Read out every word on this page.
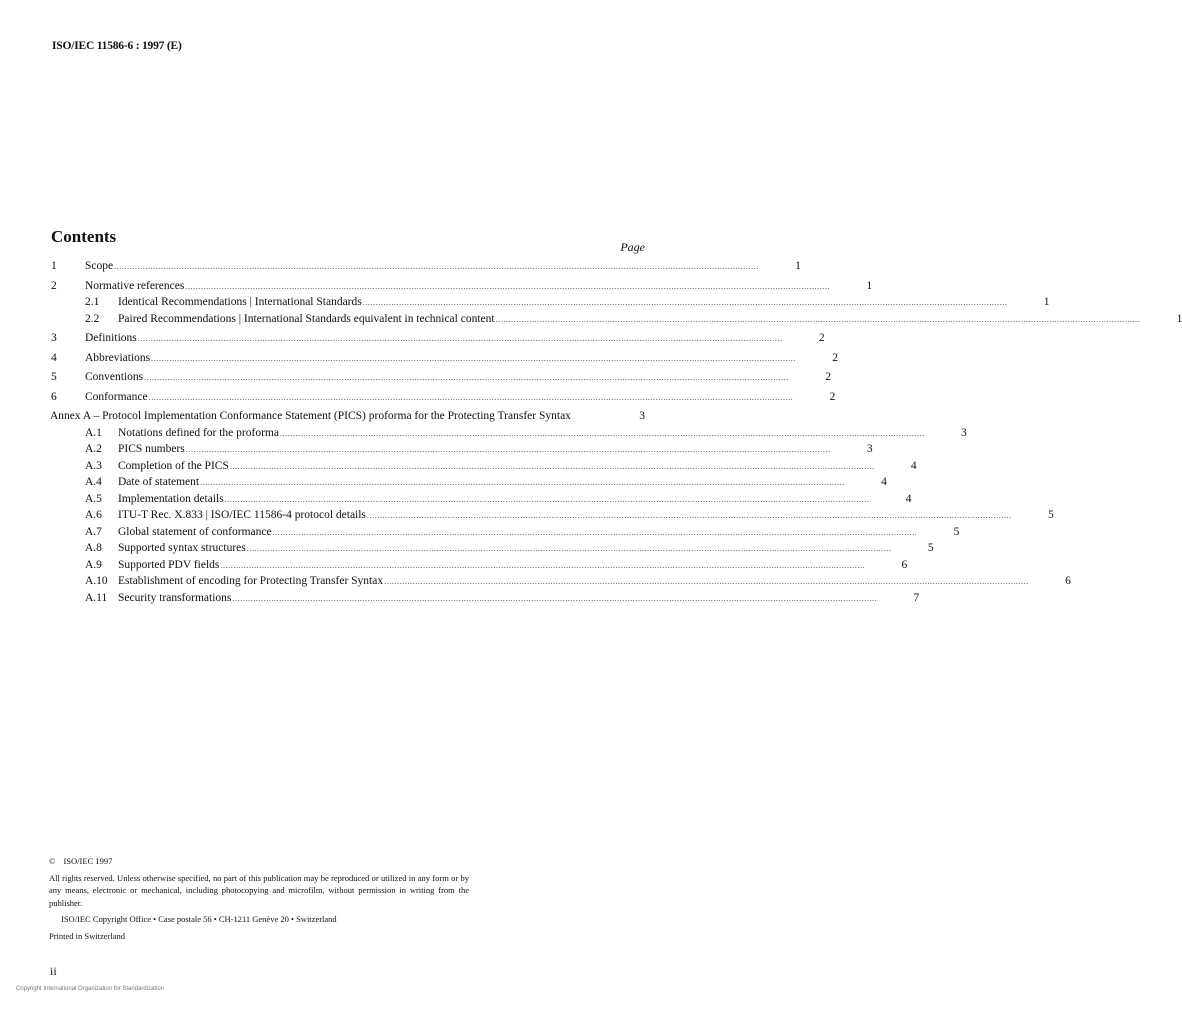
ISO/IEC 11586-6 : 1997 (E)
Contents
Page
1	Scope .....	1
2	Normative references .....	1
2.1	Identical Recommendations | International Standards .....	1
2.2	Paired Recommendations | International Standards equivalent in technical content .....	1
3	Definitions .....	2
4	Abbreviations .....	2
5	Conventions .....	2
6	Conformance .....	2
Annex A – Protocol Implementation Conformance Statement (PICS) proforma for the Protecting Transfer Syntax	3
A.1	Notations defined for the proforma .....	3
A.2	PICS numbers .....	3
A.3	Completion of the PICS .....	4
A.4	Date of statement .....	4
A.5	Implementation details .....	4
A.6	ITU-T Rec. X.833 | ISO/IEC 11586-4 protocol details .....	5
A.7	Global statement of conformance .....	5
A.8	Supported syntax structures .....	5
A.9	Supported PDV fields .....	6
A.10 Establishment of encoding for Protecting Transfer Syntax .....	6
A.11 Security transformations .....	7
© ISO/IEC 1997
All rights reserved. Unless otherwise specified, no part of this publication may be reproduced or utilized in any form or by any means, electronic or mechanical, including photocopying and microfilm, without permission in writing from the publisher.
ISO/IEC Copyright Office • Case postale 56 • CH-1211 Genève 20 • Switzerland
Printed in Switzerland
ii
Copyright International Organization for Standardization
